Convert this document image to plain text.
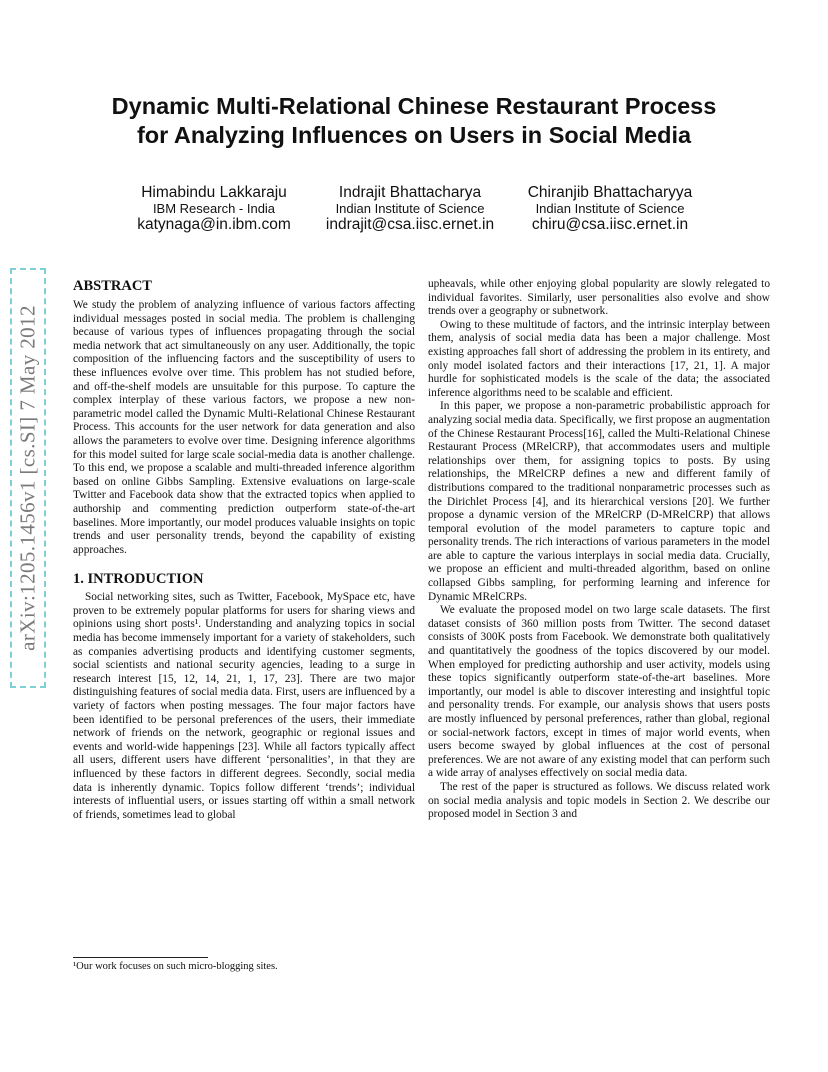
Dynamic Multi-Relational Chinese Restaurant Process
for Analyzing Influences on Users in Social Media
Himabindu Lakkaraju
IBM Research - India
katynaga@in.ibm.com
Indrajit Bhattacharya
Indian Institute of Science
indrajit@csa.iisc.ernet.in
Chiranjib Bhattacharyya
Indian Institute of Science
chiru@csa.iisc.ernet.in
arXiv:1205.1456v1 [cs.SI] 7 May 2012
ABSTRACT

We study the problem of analyzing influence of various factors affecting individual messages posted in social media. The problem is challenging because of various types of influences propagating through the social media network that act simultaneously on any user. Additionally, the topic composition of the influencing factors and the susceptibility of users to these influences evolve over time. This problem has not studied before, and off-the-shelf models are unsuitable for this purpose. To capture the complex interplay of these various factors, we propose a new non-parametric model called the Dynamic Multi-Relational Chinese Restaurant Process. This accounts for the user network for data generation and also allows the parameters to evolve over time. Designing inference algorithms for this model suited for large scale social-media data is another challenge. To this end, we propose a scalable and multi-threaded inference algorithm based on online Gibbs Sampling. Extensive evaluations on large-scale Twitter and Facebook data show that the extracted topics when applied to authorship and commenting prediction outperform state-of-the-art baselines. More importantly, our model produces valuable insights on topic trends and user personality trends, beyond the capability of existing approaches.

1. INTRODUCTION

Social networking sites, such as Twitter, Facebook, MySpace etc, have proven to be extremely popular platforms for users for sharing views and opinions using short posts¹. Understanding and analyzing topics in social media has become immensely important for a variety of stakeholders, such as companies advertising products and identifying customer segments, social scientists and national security agencies, leading to a surge in research interest [15, 12, 14, 21, 1, 17, 23]. There are two major distinguishing features of social media data. First, users are influenced by a variety of factors when posting messages. The four major factors have been identified to be personal preferences of the users, their immediate network of friends on the network, geographic or regional issues and events and world-wide happenings [23]. While all factors typically affect all users, different users have different ‘personalities’, in that they are influenced by these factors in different degrees. Secondly, social media data is inherently dynamic. Topics follow different ‘trends’; individual interests of influential users, or issues starting off within a small network of friends, sometimes lead to global

upheavals, while other enjoying global popularity are slowly relegated to individual favorites. Similarly, user personalities also evolve and show trends over a geography or subnetwork.

Owing to these multitude of factors, and the intrinsic interplay between them, analysis of social media data has been a major challenge. Most existing approaches fall short of addressing the problem in its entirety, and only model isolated factors and their interactions [17, 21, 1]. A major hurdle for sophisticated models is the scale of the data; the associated inference algorithms need to be scalable and efficient.

In this paper, we propose a non-parametric probabilistic approach for analyzing social media data. Specifically, we first propose an augmentation of the Chinese Restaurant Process[16], called the Multi-Relational Chinese Restaurant Process (MRelCRP), that accommodates users and multiple relationships over them, for assigning topics to posts. By using relationships, the MRelCRP defines a new and different family of distributions compared to the traditional nonparametric processes such as the Dirichlet Process [4], and its hierarchical versions [20]. We further propose a dynamic version of the MRelCRP (D-MRelCRP) that allows temporal evolution of the model parameters to capture topic and personality trends. The rich interactions of various parameters in the model are able to capture the various interplays in social media data. Crucially, we propose an efficient and multi-threaded algorithm, based on online collapsed Gibbs sampling, for performing learning and inference for Dynamic MRelCRPs.

We evaluate the proposed model on two large scale datasets. The first dataset consists of 360 million posts from Twitter. The second dataset consists of 300K posts from Facebook. We demonstrate both qualitatively and quantitatively the goodness of the topics discovered by our model. When employed for predicting authorship and user activity, models using these topics significantly outperform state-of-the-art baselines. More importantly, our model is able to discover interesting and insightful topic and personality trends. For example, our analysis shows that users posts are mostly influenced by personal preferences, rather than global, regional or social-network factors, except in times of major world events, when users become swayed by global influences at the cost of personal preferences. We are not aware of any existing model that can perform such a wide array of analyses effectively on social media data.

The rest of the paper is structured as follows. We discuss related work on social media analysis and topic models in Section 2. We describe our proposed model in Section 3 and

¹Our work focuses on such micro-blogging sites.
